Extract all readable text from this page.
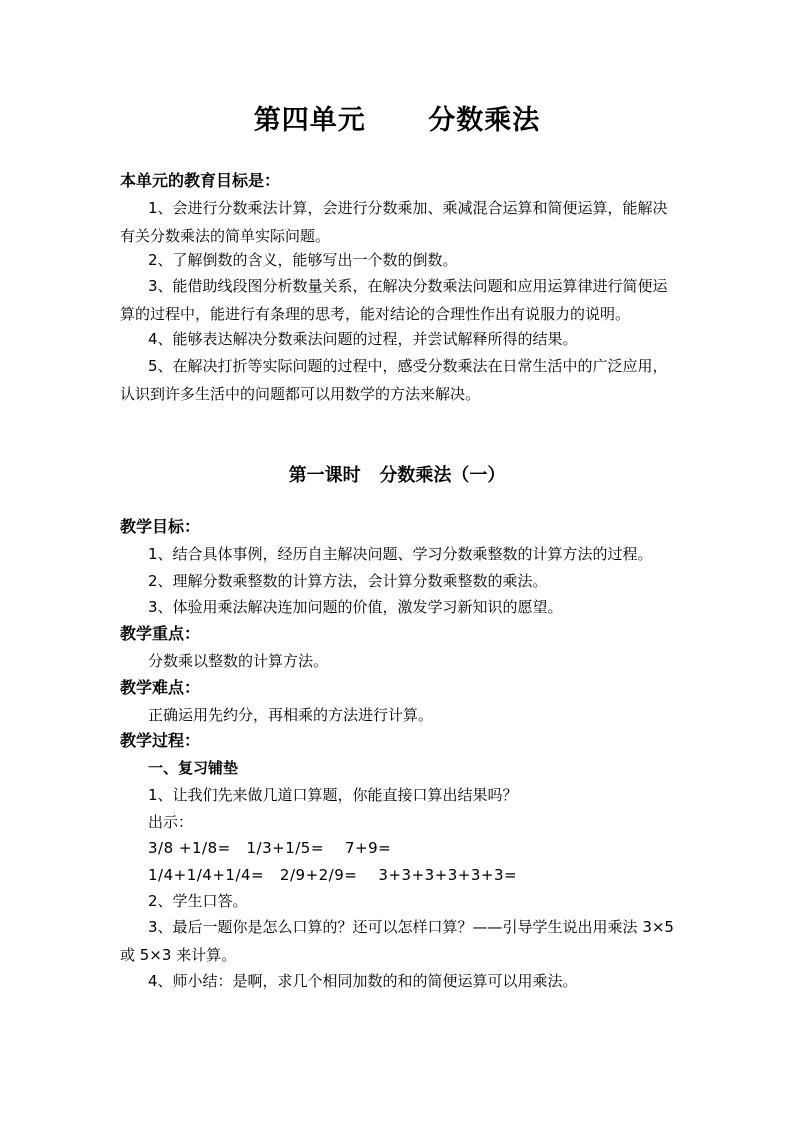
第四单元      分数乘法
本单元的教育目标是：
1、会进行分数乘法计算，会进行分数乘加、乘减混合运算和简便运算，能解决有关分数乘法的简单实际问题。
2、了解倒数的含义，能够写出一个数的倒数。
3、能借助线段图分析数量关系，在解决分数乘法问题和应用运算律进行简便运算的过程中，能进行有条理的思考，能对结论的合理性作出有说服力的说明。
4、能够表达解决分数乘法问题的过程，并尝试解释所得的结果。
5、在解决打折等实际问题的过程中，感受分数乘法在日常生活中的广泛应用，认识到许多生活中的问题都可以用数学的方法来解决。
第一课时   分数乘法（一）
教学目标：
1、结合具体事例，经历自主解决问题、学习分数乘整数的计算方法的过程。
2、理解分数乘整数的计算方法，会计算分数乘整数的乘法。
3、体验用乘法解决连加问题的价值，激发学习新知识的愿望。
教学重点：
分数乘以整数的计算方法。
教学难点：
正确运用先约分，再相乘的方法进行计算。
教学过程：
一、复习铺垫
1、让我们先来做几道口算题，你能直接口算出结果吗？
出示：
3/8 +1/8=   1/3+1/5=    7+9=
1/4+1/4+1/4=   2/9+2/9=    3+3+3+3+3+3=
2、学生口答。
3、最后一题你是怎么口算的？还可以怎样口算？——引导学生说出用乘法 3×5 或 5×3 来计算。
4、师小结：是啊，求几个相同加数的和的简便运算可以用乘法。
